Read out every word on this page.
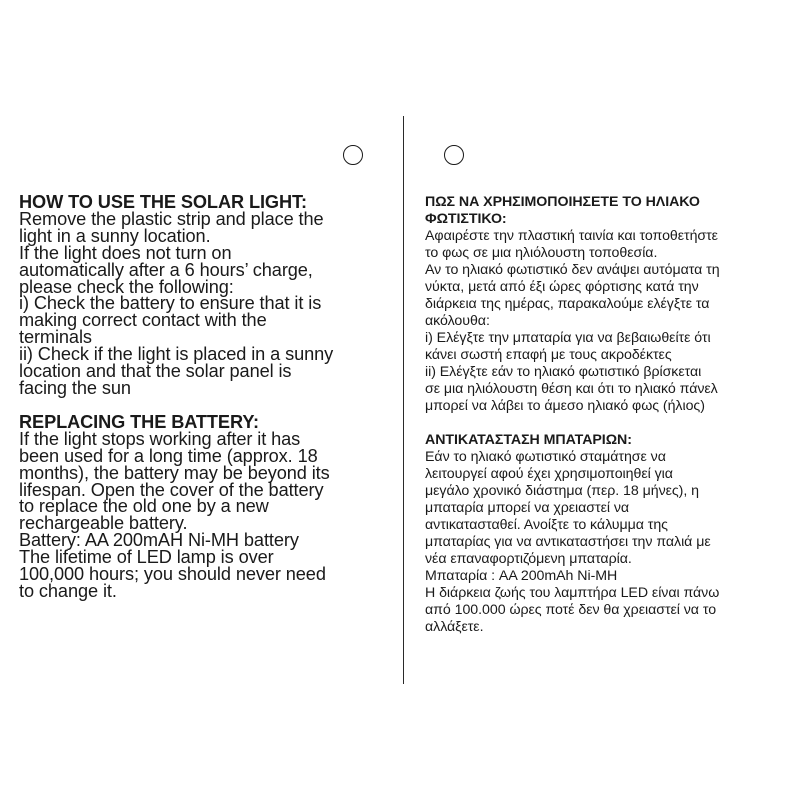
HOW TO USE THE SOLAR LIGHT:
Remove the plastic strip and place the
light in a sunny location.
If the light does not turn on
automatically after a 6 hours’ charge,
please check the following:
i) Check the battery to ensure that it is
making correct contact with the
terminals
ii) Check if the light is placed in a sunny
location and that the solar panel is
facing the sun
REPLACING THE BATTERY:
If the light stops working after it has
been used for a long time (approx. 18
months), the battery may be beyond its
lifespan. Open the cover of the battery
to replace the old one by a new
rechargeable battery.
Battery: AA 200mAH Ni-MH battery
The lifetime of LED lamp is over
100,000 hours; you should never need
to change it.
ΠΩΣ ΝΑ ΧΡΗΣΙΜΟΠΟΙΗΣΕΤΕ ΤΟ ΗΛΙΑΚΟ
ΦΩΤΙΣΤΙΚΟ:
Αφαιρέστε την πλαστική ταινία και τοποθετήστε
το φως σε μια ηλιόλουστη τοποθεσία.
Αν το ηλιακό φωτιστικό δεν ανάψει αυτόματα τη
νύκτα, μετά από έξι ώρες φόρτισης κατά την
διάρκεια της ημέρας, παρακαλούμε ελέγξτε τα
ακόλουθα:
i) Ελέγξτε την μπαταρία για να βεβαιωθείτε ότι
κάνει σωστή επαφή με τους ακροδέκτες
ii) Ελέγξτε εάν το ηλιακό φωτιστικό βρίσκεται
σε μια ηλιόλουστη θέση και ότι το ηλιακό πάνελ
μπορεί να λάβει το άμεσο ηλιακό φως (ήλιος)
ΑΝΤΙΚΑΤΑΣΤΑΣΗ ΜΠΑΤΑΡΙΩΝ:
Εάν το ηλιακό φωτιστικό σταμάτησε να
λειτουργεί αφού έχει χρησιμοποιηθεί για
μεγάλο χρονικό διάστημα (περ. 18 μήνες), η
μπαταρία μπορεί να χρειαστεί να
αντικατασταθεί. Ανοίξτε το κάλυμμα της
μπαταρίας για να αντικαταστήσει την παλιά με
νέα επαναφορτιζόμενη μπαταρία.
Μπαταρία : AA 200mAh Ni-MH
Η διάρκεια ζωής του λαμπτήρα LED είναι πάνω
από 100.000 ώρες ποτέ δεν θα χρειαστεί να το
αλλάξετε.
